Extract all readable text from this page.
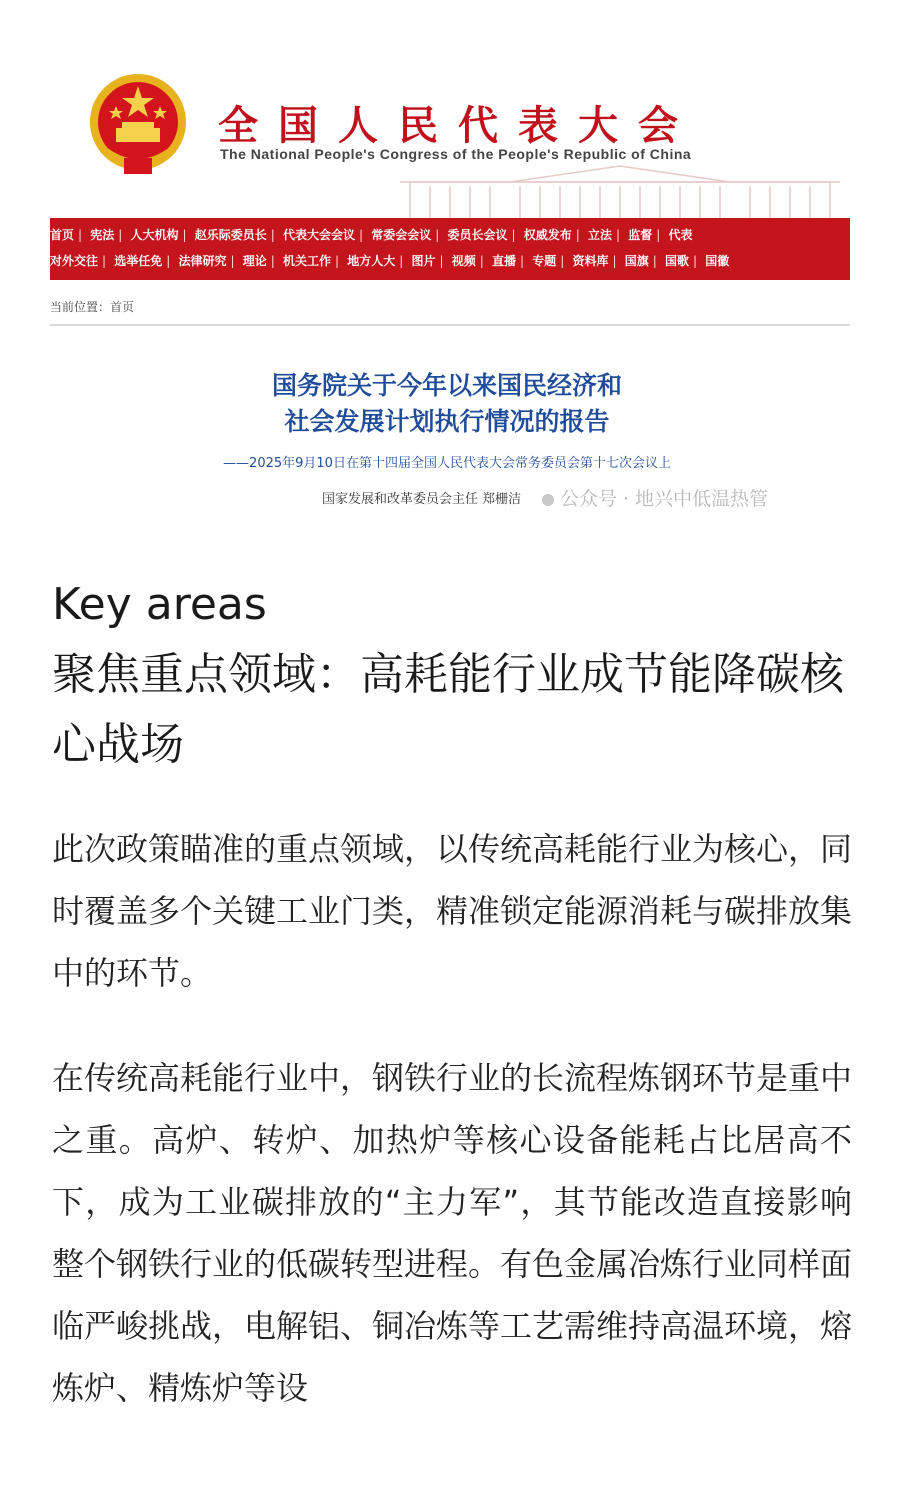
全国人民代表大会
The National People's Congress of the People's Republic of China
首页 | 宪法 | 人大机构 | 赵乐际委员长 | 代表大会会议 | 常委会会议 | 委员长会议 | 权威发布 | 立法 | 监督 | 代表
对外交往 | 选举任免 | 法律研究 | 理论 | 机关工作 | 地方人大 | 图片 | 视频 | 直播 | 专题 | 资料库 | 国旗 | 国歌 | 国徽
当前位置：首页
国务院关于今年以来国民经济和
社会发展计划执行情况的报告
——2025年9月10日在第十四届全国人民代表大会常务委员会第十七次会议上
国家发展和改革委员会主任 郑栅洁	公众号 · 地兴中低温热管
Key areas
聚焦重点领域：高耗能行业成节能降碳核心战场
此次政策瞄准的重点领域，以传统高耗能行业为核心，同时覆盖多个关键工业门类，精准锁定能源消耗与碳排放集中的环节。
在传统高耗能行业中，钢铁行业的长流程炼钢环节是重中之重。高炉、转炉、加热炉等核心设备能耗占比居高不下，成为工业碳排放的“主力军”，其节能改造直接影响整个钢铁行业的低碳转型进程。有色金属冶炼行业同样面临严峻挑战，电解铝、铜冶炼等工艺需维持高温环境，熔炼炉、精炼炉等设
